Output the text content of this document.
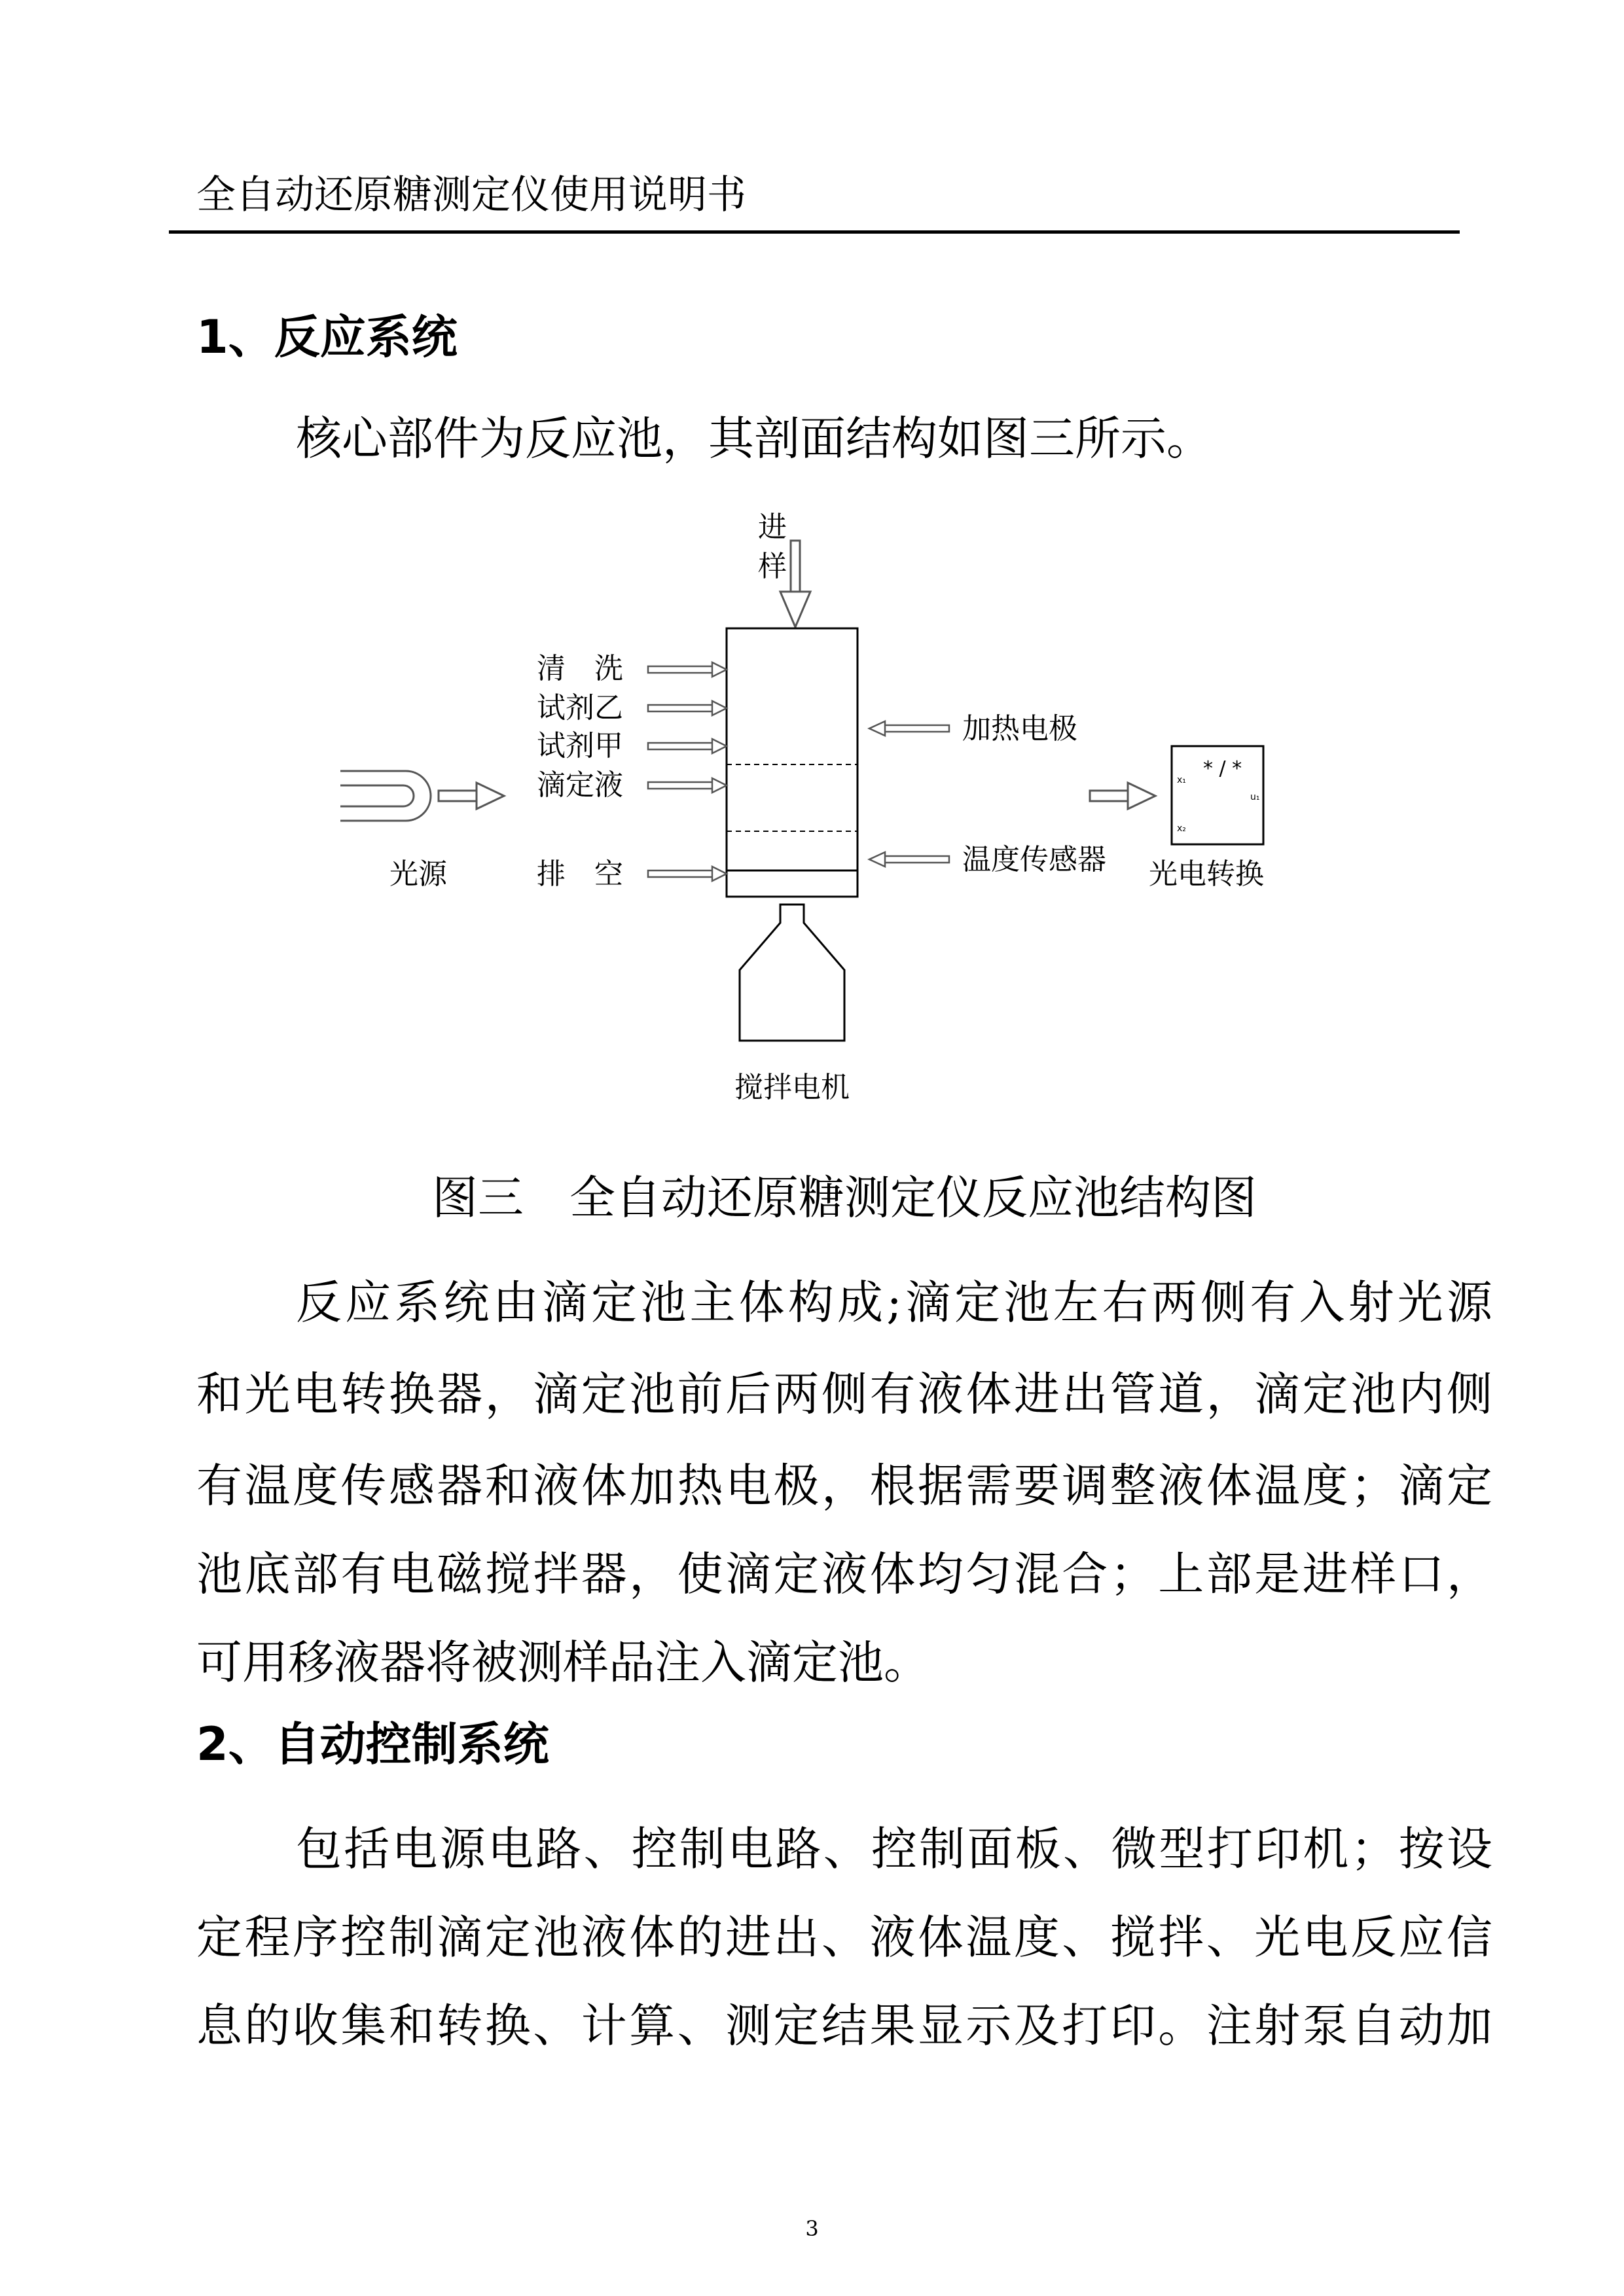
全自动还原糖测定仪使用说明书
1、反应系统
核心部件为反应池，其剖面结构如图三所示。
进
样
清　洗
试剂乙
试剂甲
滴定液
排　空
加热电极
温度传感器
光源
* / *
x₁
x₂
u₁
光电转换
搅拌电机
图三 全自动还原糖测定仪反应池结构图
反应系统由滴定池主体构成;滴定池左右两侧有入射光源
和光电转换器，滴定池前后两侧有液体进出管道，滴定池内侧
有温度传感器和液体加热电极，根据需要调整液体温度；滴定
池底部有电磁搅拌器，使滴定液体均匀混合；上部是进样口，
可用移液器将被测样品注入滴定池。
2、自动控制系统
包括电源电路、控制电路、控制面板、微型打印机；按设
定程序控制滴定池液体的进出、液体温度、搅拌、光电反应信
息的收集和转换、计算、测定结果显示及打印。注射泵自动加
3
